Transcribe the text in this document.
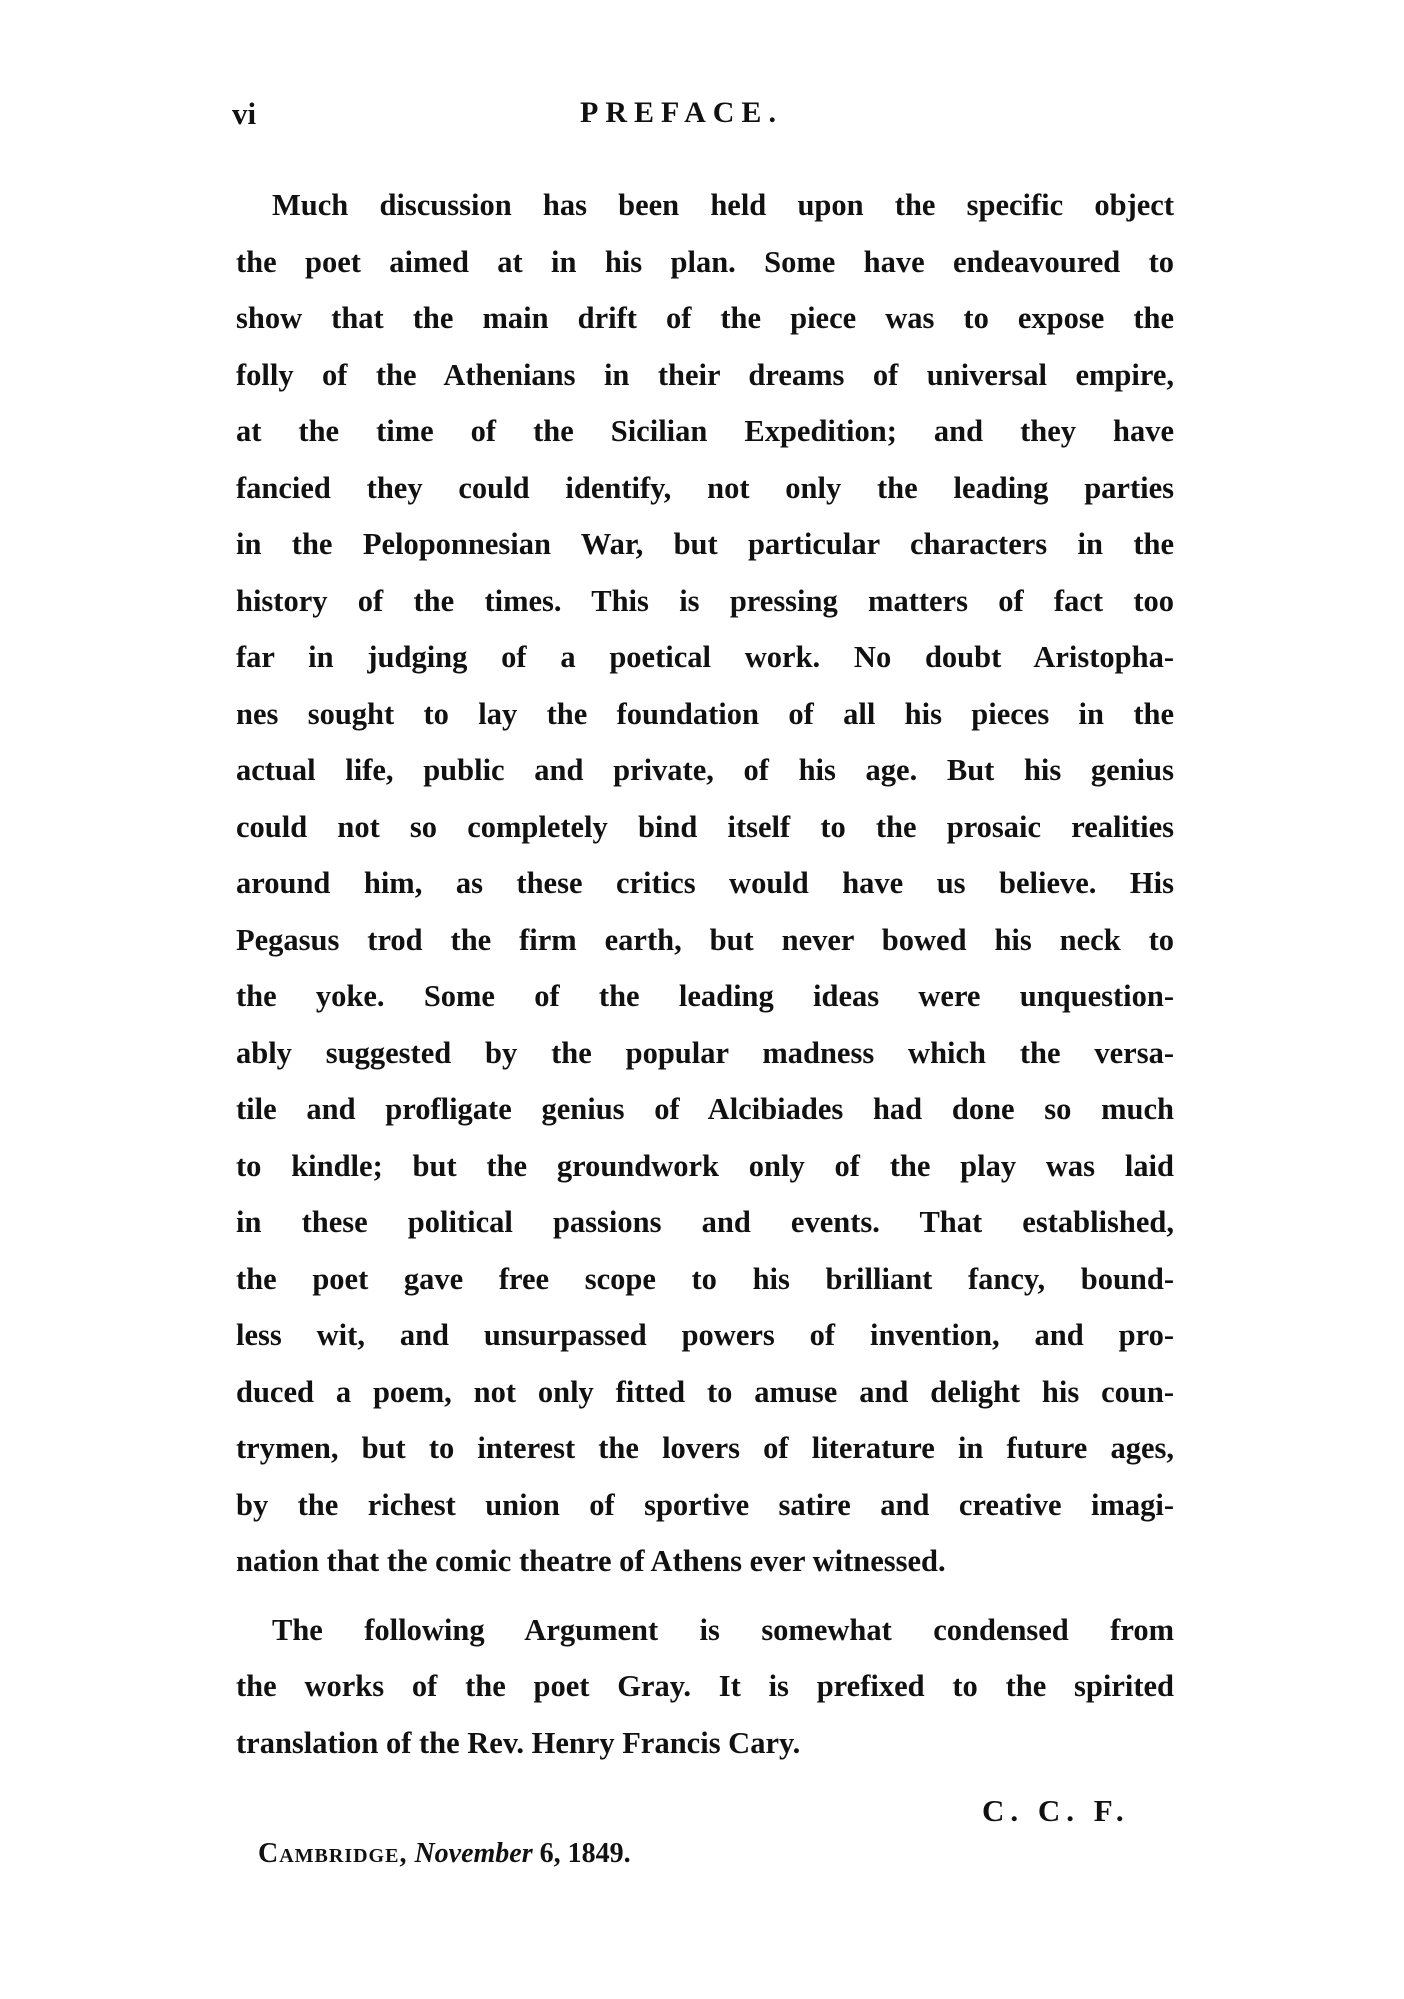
vi	PREFACE.
Much discussion has been held upon the specific object
the poet aimed at in his plan. Some have endeavoured to
show that the main drift of the piece was to expose the
folly of the Athenians in their dreams of universal empire,
at the time of the Sicilian Expedition; and they have
fancied they could identify, not only the leading parties
in the Peloponnesian War, but particular characters in the
history of the times. This is pressing matters of fact too
far in judging of a poetical work. No doubt Aristopha-
nes sought to lay the foundation of all his pieces in the
actual life, public and private, of his age. But his genius
could not so completely bind itself to the prosaic realities
around him, as these critics would have us believe. His
Pegasus trod the firm earth, but never bowed his neck to
the yoke. Some of the leading ideas were unquestion-
ably suggested by the popular madness which the versa-
tile and profligate genius of Alcibiades had done so much
to kindle; but the groundwork only of the play was laid
in these political passions and events. That established,
the poet gave free scope to his brilliant fancy, bound-
less wit, and unsurpassed powers of invention, and pro-
duced a poem, not only fitted to amuse and delight his coun-
trymen, but to interest the lovers of literature in future ages,
by the richest union of sportive satire and creative imagi-
nation that the comic theatre of Athens ever witnessed.
The following Argument is somewhat condensed from
the works of the poet Gray. It is prefixed to the spirited
translation of the Rev. Henry Francis Cary.
C. C. F.
Cambridge, November 6, 1849.
